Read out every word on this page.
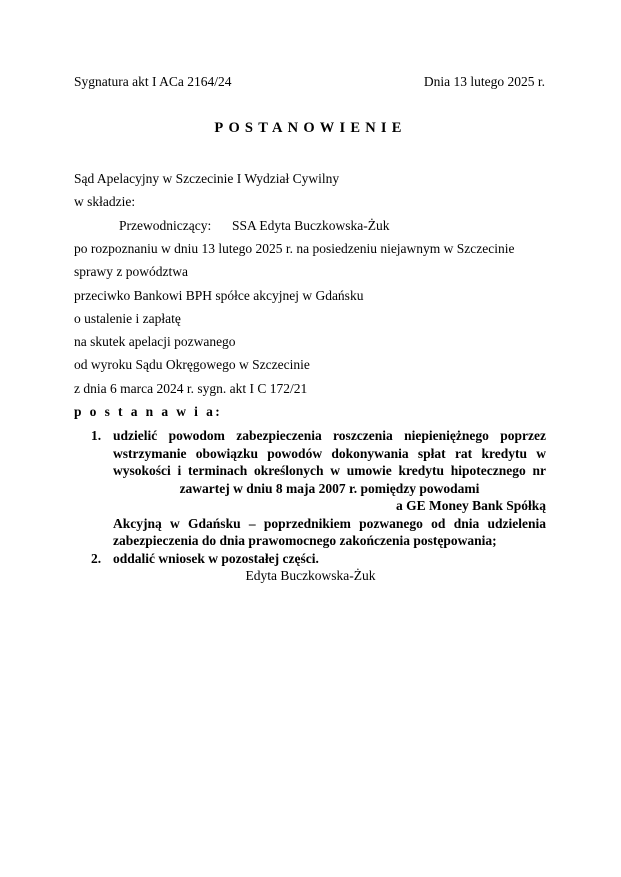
Sygnatura akt I ACa 2164/24	Dnia 13 lutego 2025 r.
POSTANOWIENIE
Sąd Apelacyjny w Szczecinie I Wydział Cywilny
w składzie:
Przewodniczący: SSA Edyta Buczkowska-Żuk
po rozpoznaniu w dniu 13 lutego 2025 r. na posiedzeniu niejawnym w Szczecinie
sprawy z powództwa
przeciwko Bankowi BPH spółce akcyjnej w Gdańsku
o ustalenie i zapłatę
na skutek apelacji pozwanego
od wyroku Sądu Okręgowego w Szczecinie
z dnia 6 marca 2024 r. sygn. akt I C 172/21
p o s t a n a w i a:
1. udzielić powodom zabezpieczenia roszczenia niepieniężnego poprzez
wstrzymanie obowiązku powodów dokonywania spłat rat kredytu w
wysokości i terminach określonych w umowie kredytu hipotecznego nr
zawartej w dniu 8 maja 2007 r. pomiędzy powodami
a GE Money Bank Spółką
Akcyjną w Gdańsku – poprzednikiem pozwanego od dnia udzielenia
zabezpieczenia do dnia prawomocnego zakończenia postępowania;
2. oddalić wniosek w pozostałej części.
Edyta Buczkowska-Żuk
